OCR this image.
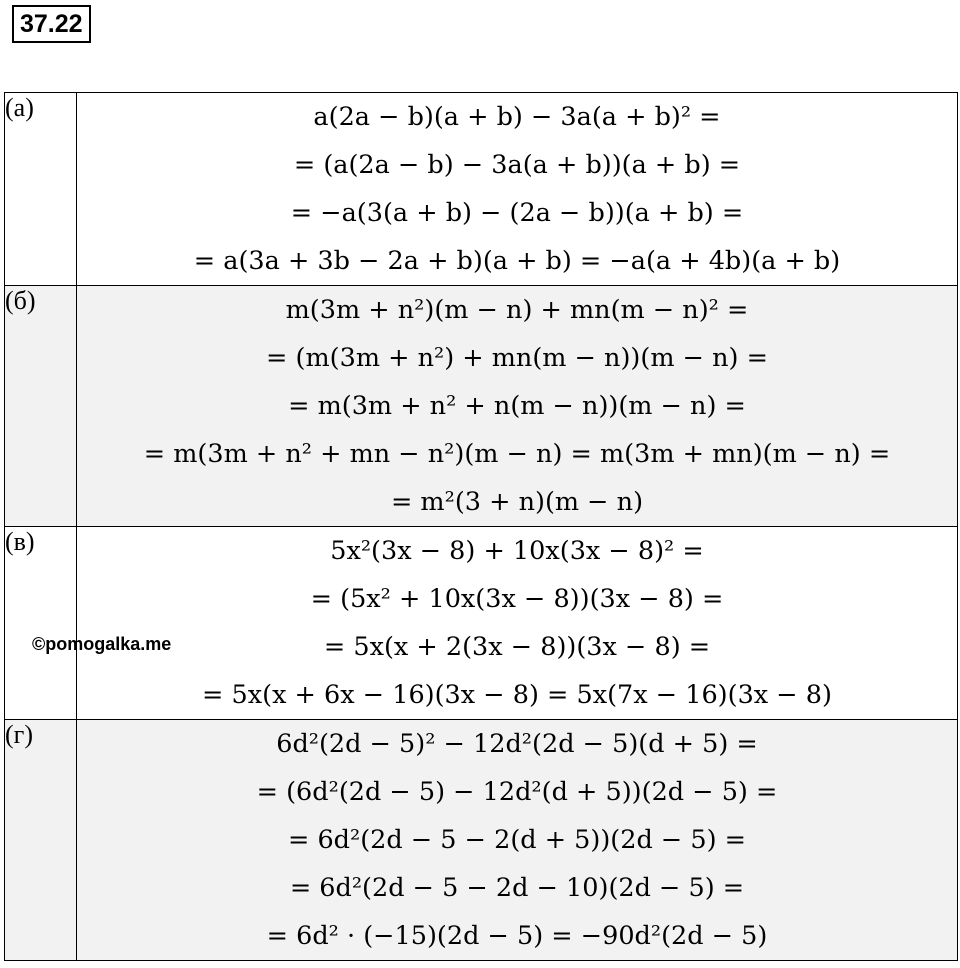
37.22
(а)	a(2a − b)(a + b) − 3a(a + b)² =
= (a(2a − b) − 3a(a + b))(a + b) =
= −a(3(a + b) − (2a − b))(a + b) =
= a(3a + 3b − 2a + b)(a + b) = −a(a + 4b)(a + b)

(б)	m(3m + n²)(m − n) + mn(m − n)² =
= (m(3m + n²) + mn(m − n))(m − n) =
= m(3m + n² + n(m − n))(m − n) =
= m(3m + n² + mn − n²)(m − n) = m(3m + mn)(m − n) =
= m²(3 + n)(m − n)

(в)	5x²(3x − 8) + 10x(3x − 8)² =
= (5x² + 10x(3x − 8))(3x − 8) =
= 5x(x + 2(3x − 8))(3x − 8) =
= 5x(x + 6x − 16)(3x − 8) = 5x(7x − 16)(3x − 8)

(г)	6d²(2d − 5)² − 12d²(2d − 5)(d + 5) =
= (6d²(2d − 5) − 12d²(d + 5))(2d − 5) =
= 6d²(2d − 5 − 2(d + 5))(2d − 5) =
= 6d²(2d − 5 − 2d − 10)(2d − 5) =
= 6d² · (−15)(2d − 5) = −90d²(2d − 5)
©pomogalka.me
